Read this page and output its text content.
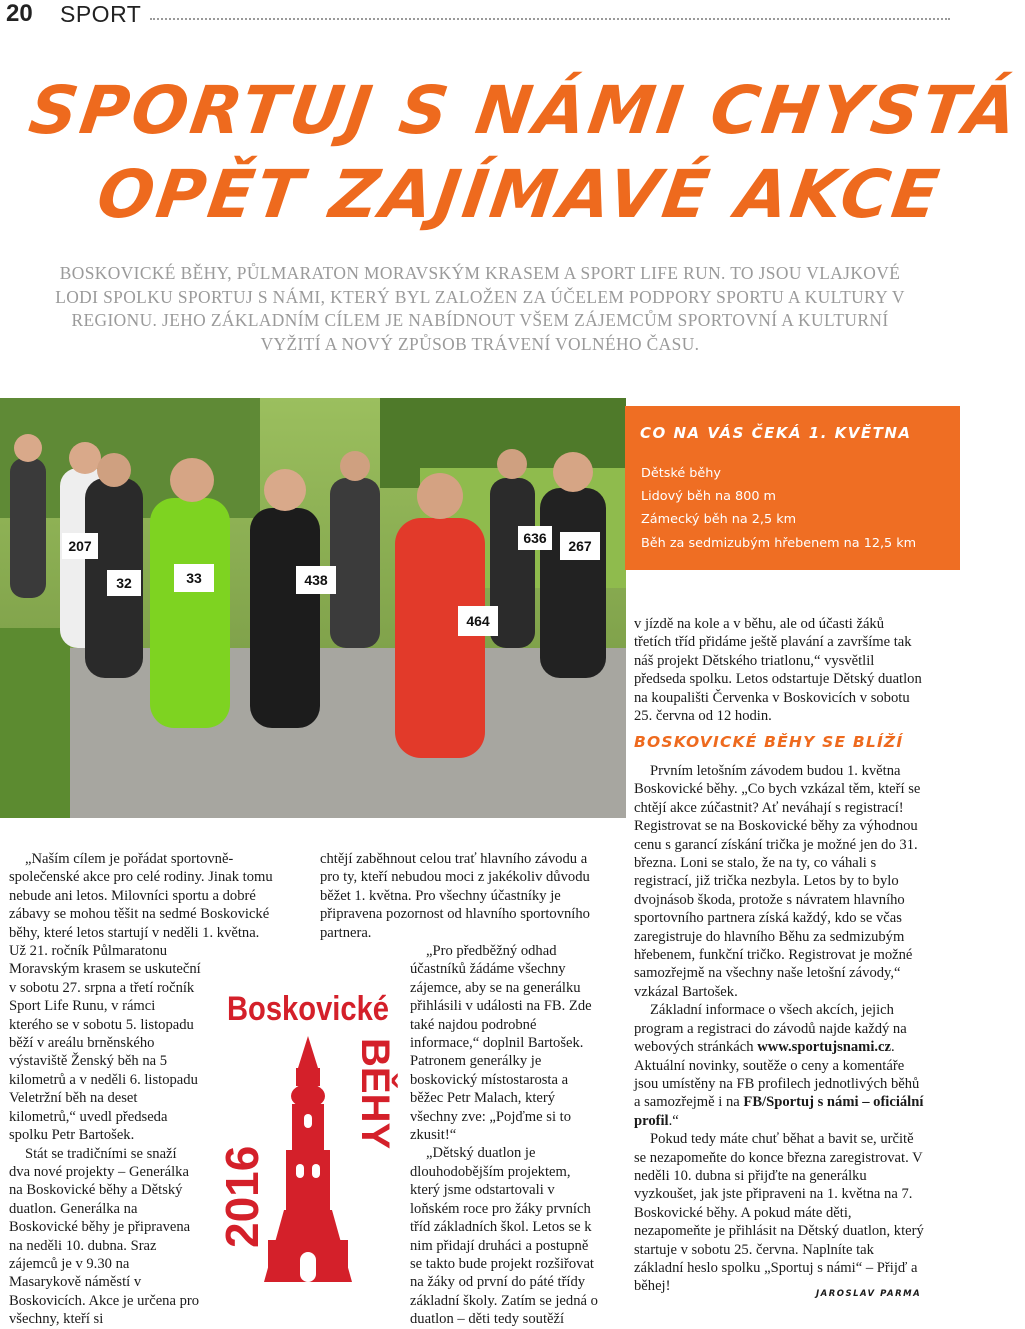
20 SPORT
SPORTUJ S NÁMI CHYSTÁ
OPĚT ZAJÍMAVÉ AKCE
BOSKOVICKÉ BĚHY, PŮLMARATON MORAVSKÝM KRASEM A SPORT LIFE RUN. TO JSOU VLAJKOVÉ LODI SPOLKU SPORTUJ S NÁMI, KTERÝ BYL ZALOŽEN ZA ÚČELEM PODPORY SPORTU A KULTURY V REGIONU. JEHO ZÁKLADNÍM CÍLEM JE NABÍDNOUT VŠEM ZÁJEMCŮM SPORTOVNÍ A KULTURNÍ VYŽITÍ A NOVÝ ZPŮSOB TRÁVENÍ VOLNÉHO ČASU.
207
32	33	438
464
636 267
CO NA VÁS ČEKÁ 1. KVĚTNA
Dětské běhy
Lidový běh na 800 m
Zámecký běh na 2,5 km
Běh za sedmizubým hřebenem na 12,5 km

v jízdě na kole a v běhu, ale od účasti žáků třetích tříd přidáme ještě plavání a završíme tak náš projekt Dětského triatlonu,“ vysvětlil předseda spolku. Letos odstartuje Dětský duatlon na koupališti Červenka v Boskovicích v sobotu 25. června od 12 hodin.

BOSKOVICKÉ BĚHY SE BLÍŽÍ

Prvním letošním závodem budou 1. května Boskovické běhy. „Co bych vzkázal těm, kteří se chtějí akce zúčastnit? Ať neváhají s registrací! Registrovat se na Boskovické běhy za výhodnou cenu s garancí získání trička je možné jen do 31. března. Loni se stalo, že na ty, co váhali s registrací, již trička nezbyla. Letos by to bylo dvojnásob škoda, protože s návratem hlavního sportovního partnera získá každý, kdo se včas zaregistruje do hlavního Běhu za sedmizubým hřebenem, funkční tričko. Registrovat je možné samozřejmě na všechny naše letošní závody,“ vzkázal Bartošek.

Základní informace o všech akcích, jejich program a registraci do závodů najde každý na webových stránkách www.sportujsnami.cz. Aktuální novinky, soutěže o ceny a komentáře jsou umístěny na FB profilech jednotlivých běhů a samozřejmě i na FB/Sportuj s námi – oficiální profil.“

Pokud tedy máte chuť běhat a bavit se, určitě se nezapomeňte do konce března zaregistrovat. V neděli 10. dubna si přijďte na generálku vyzkoušet, jak jste připraveni na 1. května na 7. Boskovické běhy. A pokud máte děti, nezapomeňte je přihlásit na Dětský duatlon, který startuje v sobotu 25. června. Naplníte tak základní heslo spolku „Sportuj s námi“ – Přijď a běhej!

„Naším cílem je pořádat sportovně-společenské akce pro celé rodiny. Jinak tomu nebude ani letos. Milovníci sportu a dobré zábavy se mohou těšit na sedmé Boskovické běhy, které letos startují v neděli 1. května.

Už 21. ročník Půlmaratonu Moravským krasem se uskuteční v sobotu 27. srpna a třetí ročník Sport Life Runu, v rámci kterého se v sobotu 5. listopadu běží v areálu brněnského výstaviště Ženský běh na 5 kilometrů a v neděli 6. listopadu Veletržní běh na deset kilometrů,“ uvedl předseda spolku Petr Bartošek.

Stát se tradičními se snaží dva nové projekty – Generálka na Boskovické běhy a Dětský duatlon. Generálka na Boskovické běhy je připravena na neděli 10. dubna. Sraz zájemců je v 9.30 na Masarykově náměstí v Boskovicích. Akce je určena pro všechny, kteří si

Boskovické
2016
BĚHY

chtějí zaběhnout celou trať hlavního závodu a pro ty, kteří nebudou moci z jakékoliv důvodu běžet 1. května. Pro všechny účastníky je připravena pozornost od hlavního sportovního partnera.

„Pro předběžný odhad účastníků žádáme všechny zájemce, aby se na generálku přihlásili v události na FB. Zde také najdou podrobné informace,“ doplnil Bartošek. Patronem generálky je boskovický místostarosta a běžec Petr Malach, který všechny zve: „Pojďme si to zkusit!“

„Dětský duatlon je dlouhodobějším projektem, který jsme odstartovali v loňském roce pro žáky prvních tříd základních škol. Letos se k nim přidají druháci a postupně se takto bude projekt rozšiřovat na žáky od první do páté třídy základní školy. Zatím se jedná o duatlon – děti tedy soutěží

JAROSLAV PARMA
